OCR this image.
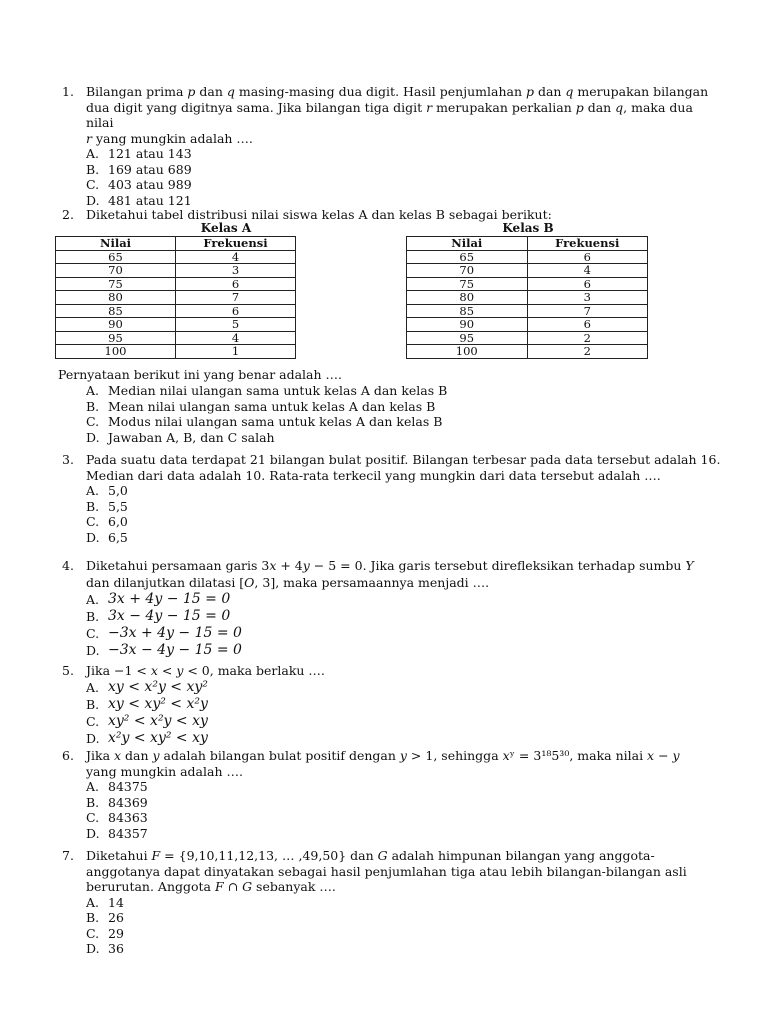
1. Bilangan prima 𝑝 dan 𝑞 masing-masing dua digit. Hasil penjumlahan 𝑝 dan 𝑞 merupakan bilangan
dua digit yang digitnya sama. Jika bilangan tiga digit 𝑟 merupakan perkalian 𝑝 dan 𝑞, maka dua nilai
𝑟 yang mungkin adalah ….
A. 121 atau 143
B. 169 atau 689
C. 403 atau 989
D. 481 atau 121
2. Diketahui tabel distribusi nilai siswa kelas A dan kelas B sebagai berikut:
Kelas A	Kelas B
Nilai	Frekuensi
65	4
70	3
75	6
80	7
85	6
90	5
95	4
100	1
Nilai	Frekuensi
65	6
70	4
75	6
80	3
85	7
90	6
95	2
100	2
Pernyataan berikut ini yang benar adalah ….
A. Median nilai ulangan sama untuk kelas A dan kelas B
B. Mean nilai ulangan sama untuk kelas A dan kelas B
C. Modus nilai ulangan sama untuk kelas A dan kelas B
D. Jawaban A, B, dan C salah
3. Pada suatu data terdapat 21 bilangan bulat positif. Bilangan terbesar pada data tersebut adalah 16.
Median dari data adalah 10. Rata-rata terkecil yang mungkin dari data tersebut adalah ….
A. 5,0
B. 5,5
C. 6,0
D. 6,5
4. Diketahui persamaan garis 3𝑥 + 4𝑦 − 5 = 0. Jika garis tersebut direfleksikan terhadap sumbu 𝑌
dan dilanjutkan dilatasi [𝑂, 3], maka persamaannya menjadi ….
A. 3𝑥 + 4𝑦 − 15 = 0
B. 3𝑥 − 4𝑦 − 15 = 0
C. −3𝑥 + 4𝑦 − 15 = 0
D. −3𝑥 − 4𝑦 − 15 = 0
5. Jika −1 < 𝑥 < 𝑦 < 0, maka berlaku ….
A. 𝑥𝑦 < 𝑥²𝑦 < 𝑥𝑦²
B. 𝑥𝑦 < 𝑥𝑦² < 𝑥²𝑦
C. 𝑥𝑦² < 𝑥²𝑦 < 𝑥𝑦
D. 𝑥²𝑦 < 𝑥𝑦² < 𝑥𝑦
6. Jika 𝑥 dan 𝑦 adalah bilangan bulat positif dengan 𝑦 > 1, sehingga 𝑥ʸ = 3¹⁸5³⁰, maka nilai 𝑥 − 𝑦
yang mungkin adalah ….
A. 84375
B. 84369
C. 84363
D. 84357
7. Diketahui 𝐹 = {9,10,11,12,13, … ,49,50} dan 𝐺 adalah himpunan bilangan yang anggota-
anggotanya dapat dinyatakan sebagai hasil penjumlahan tiga atau lebih bilangan-bilangan asli
berurutan. Anggota 𝐹 ∩ 𝐺 sebanyak ….
A. 14
B. 26
C. 29
D. 36
